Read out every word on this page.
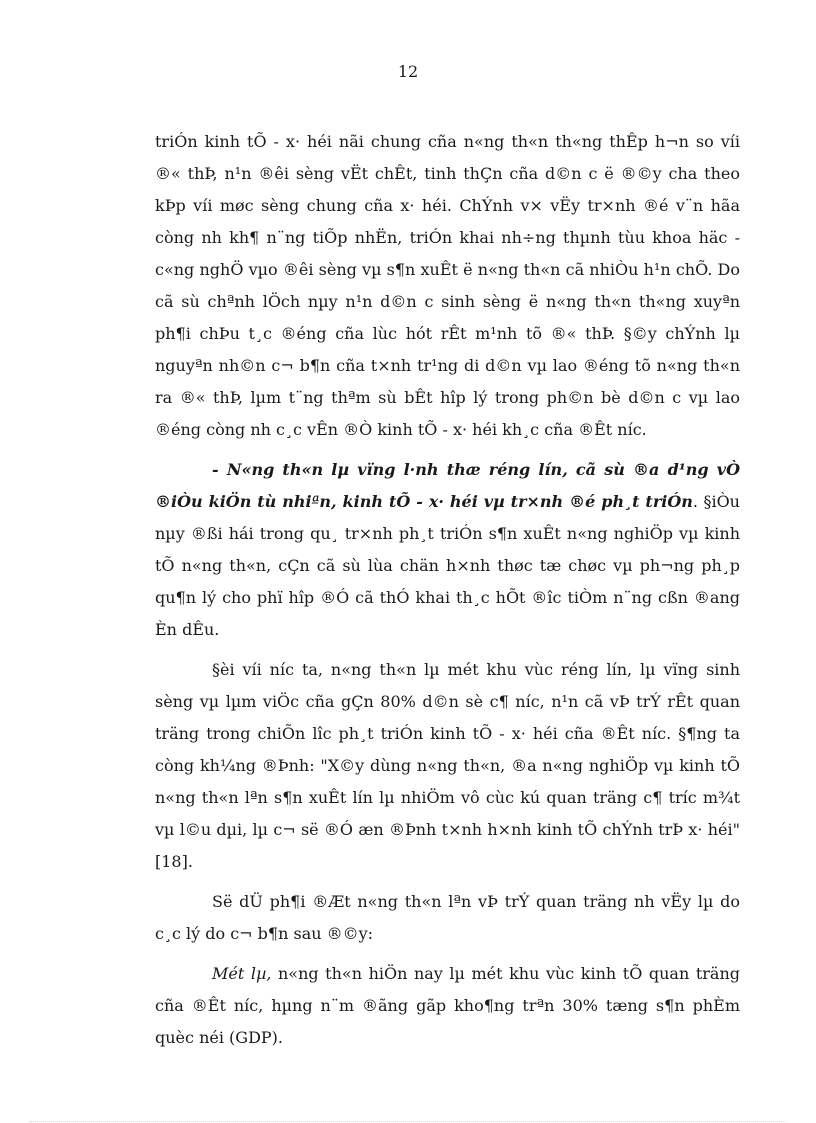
12

triÓn kinh tÕ - x· héi nãi chung cña n«ng th«n th«ng thÊp h¬n so víi ®« thÞ, n¹n ®êi sèng vËt chÊt, tinh thÇn cña d©n c ë ®©y cha theo kÞp víi møc sèng chung cña x· héi. ChÝnh v× vËy tr×nh ®é v¨n hãa còng nh kh¶ n¨ng tiÕp nhËn, triÓn khai nh÷ng thµnh tùu khoa häc - c«ng nghÖ vµo ®êi sèng vµ s¶n xuÊt ë n«ng th«n cã nhiÒu h¹n chÕ. Do cã sù chªnh lÖch nµy n¹n d©n c sinh sèng ë n«ng th«n th«ng xuyªn ph¶i chÞu t¸c ®éng cña lùc hót rÊt m¹nh tõ ®« thÞ. §©y chÝnh lµ nguyªn nh©n c¬ b¶n cña t×nh tr¹ng di d©n vµ lao ®éng tõ n«ng th«n ra ®« thÞ, lµm t¨ng thªm sù bÊt hîp lý trong ph©n bè d©n c vµ lao ®éng còng nh c¸c vÊn ®Ò kinh tÕ - x· héi kh¸c cña ®Êt níc.

- N«ng th«n lµ vïng l·nh thæ réng lín, cã sù ®a d¹ng vÒ ®iÒu kiÖn tù nhiªn, kinh tÕ - x· héi vµ tr×nh ®é ph¸t triÓn. §iÒu nµy ®ßi hái trong qu¸ tr×nh ph¸t triÓn s¶n xuÊt n«ng nghiÖp vµ kinh tÕ n«ng th«n, cÇn cã sù lùa chän h×nh thøc tæ chøc vµ ph¬ng ph¸p qu¶n lý cho phï hîp ®Ó cã thÓ khai th¸c hÕt ®îc tiÒm n¨ng cßn ®ang Èn dÊu.

§èi víi níc ta, n«ng th«n lµ mét khu vùc réng lín, lµ vïng sinh sèng vµ lµm viÖc cña gÇn 80% d©n sè c¶ níc, n¹n cã vÞ trÝ rÊt quan träng trong chiÕn lîc ph¸t triÓn kinh tÕ - x· héi cña ®Êt níc. §¶ng ta còng kh¼ng ®Þnh: "X©y dùng n«ng th«n, ®a n«ng nghiÖp vµ kinh tÕ n«ng th«n lªn s¶n xuÊt lín lµ nhiÖm vô cùc kú quan träng c¶ tríc m¾t vµ l©u dµi, lµ c¬ së ®Ó æn ®Þnh t×nh h×nh kinh tÕ chÝnh trÞ x· héi" [18].

Së dÜ ph¶i ®Æt n«ng th«n lªn vÞ trÝ quan träng nh vËy lµ do c¸c lý do c¬ b¶n sau ®©y:

Mét lµ, n«ng th«n hiÖn nay lµ mét khu vùc kinh tÕ quan träng cña ®Êt níc, hµng n¨m ®ãng gãp kho¶ng trªn 30% tæng s¶n phÈm quèc néi (GDP).
